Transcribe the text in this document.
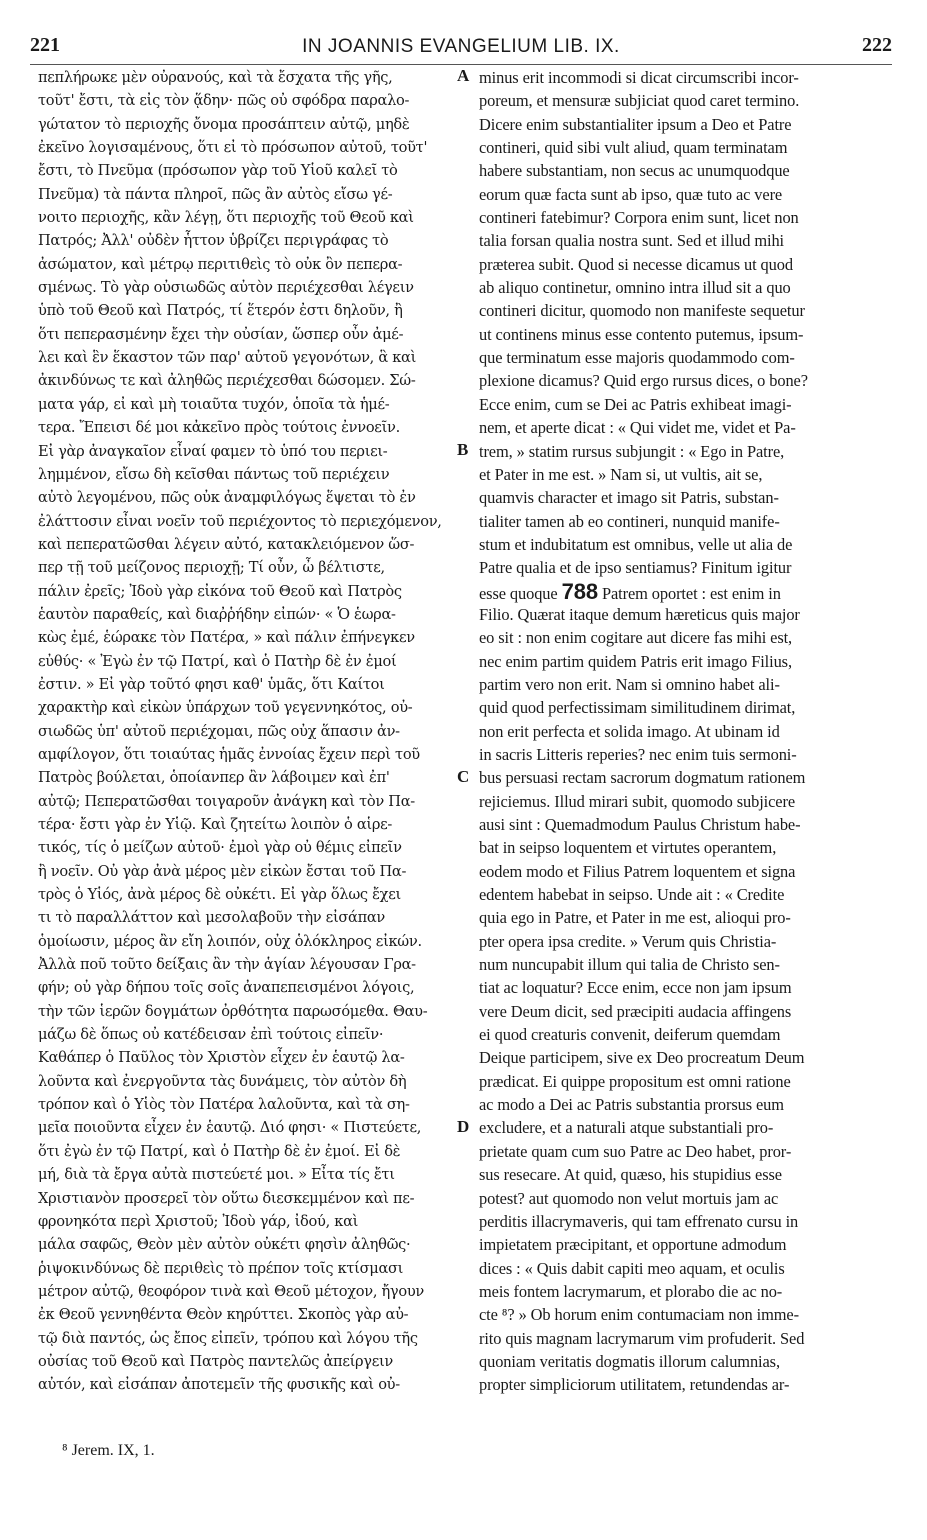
221	IN JOANNIS EVANGELIUM LIB. IX.	222
πεπλήρωκε μὲν οὐρανούς, καὶ τὰ ἔσχατα τῆς γῆς,
τοῦτ' ἔστι, τὰ εἰς τὸν ᾅδην· πῶς οὐ σφόδρα παραλο-
γώτατον τὸ περιοχῆς ὄνομα προσάπτειν αὐτῷ, μηδὲ
ἐκεῖνο λογισαμένους, ὅτι εἰ τὸ πρόσωπον αὐτοῦ, τοῦτ'
ἔστι, τὸ Πνεῦμα (πρόσωπον γὰρ τοῦ Υἱοῦ καλεῖ τὸ
Πνεῦμα) τὰ πάντα πληροῖ, πῶς ἂν αὐτὸς εἴσω γέ-
νοιτο περιοχῆς, κἂν λέγῃ, ὅτι περιοχῆς τοῦ Θεοῦ καὶ
Πατρός; Ἀλλ' οὐδὲν ἧττον ὑβρίζει περιγράφας τὸ
ἀσώματον, καὶ μέτρῳ περιτιθεὶς τὸ οὐκ ὂν πεπερα-
σμένως. Τὸ γὰρ οὐσιωδῶς αὐτὸν περιέχεσθαι λέγειν
ὑπὸ τοῦ Θεοῦ καὶ Πατρός, τί ἕτερόν ἐστι δηλοῦν, ἢ
ὅτι πεπερασμένην ἔχει τὴν οὐσίαν, ὥσπερ οὖν ἀμέ-
λει καὶ ἓν ἕκαστον τῶν παρ' αὐτοῦ γεγονότων, ἃ καὶ
ἀκινδύνως τε καὶ ἀληθῶς περιέχεσθαι δώσομεν. Σώ-
ματα γάρ, εἰ καὶ μὴ τοιαῦτα τυχόν, ὁποῖα τὰ ἡμέ-
τερα. Ἔπεισι δέ μοι κἀκεῖνο πρὸς τούτοις ἐννοεῖν.
Εἰ γὰρ ἀναγκαῖον εἶναί φαμεν τὸ ὑπό του περιει-
λημμένον, εἴσω δὴ κεῖσθαι πάντως τοῦ περιέχειν
αὐτὸ λεγομένου, πῶς οὐκ ἀναμφιλόγως ἕψεται τὸ ἐν
ἐλάττοσιν εἶναι νοεῖν τοῦ περιέχοντος τὸ περιεχόμενον,
καὶ πεπερατῶσθαι λέγειν αὐτό, κατακλειόμενον ὥσ-
περ τῇ τοῦ μείζονος περιοχῇ; Τί οὖν, ὦ βέλτιστε,
πάλιν ἐρεῖς; Ἰδοὺ γὰρ εἰκόνα τοῦ Θεοῦ καὶ Πατρὸς
ἑαυτὸν παραθείς, καὶ διαῤῥήδην εἰπών· « Ὁ ἑωρα-
κὼς ἐμέ, ἑώρακε τὸν Πατέρα, » καὶ πάλιν ἐπήνεγκεν
εὐθύς· « Ἐγὼ ἐν τῷ Πατρί, καὶ ὁ Πατὴρ δὲ ἐν ἐμοί
ἐστιν. » Εἰ γὰρ τοῦτό φησι καθ' ὑμᾶς, ὅτι Καίτοι
χαρακτὴρ καὶ εἰκὼν ὑπάρχων τοῦ γεγεννηκότος, οὐ-
σιωδῶς ὑπ' αὐτοῦ περιέχομαι, πῶς οὐχ ἅπασιν ἀν-
αμφίλογον, ὅτι τοιαύτας ἡμᾶς ἐννοίας ἔχειν περὶ τοῦ
Πατρὸς βούλεται, ὁποίανπερ ἂν λάβοιμεν καὶ ἐπ'
αὐτῷ; Πεπερατῶσθαι τοιγαροῦν ἀνάγκη καὶ τὸν Πα-
τέρα· ἔστι γὰρ ἐν Υἱῷ. Καὶ ζητείτω λοιπὸν ὁ αἱρε-
τικός, τίς ὁ μείζων αὐτοῦ· ἐμοὶ γὰρ οὐ θέμις εἰπεῖν
ἢ νοεῖν. Οὐ γὰρ ἀνὰ μέρος μὲν εἰκὼν ἔσται τοῦ Πα-
τρὸς ὁ Υἱός, ἀνὰ μέρος δὲ οὐκέτι. Εἰ γὰρ ὅλως ἔχει
τι τὸ παραλλάττον καὶ μεσολαβοῦν τὴν εἰσάπαν
ὁμοίωσιν, μέρος ἂν εἴη λοιπόν, οὐχ ὁλόκληρος εἰκών.
Ἀλλὰ ποῦ τοῦτο δείξαις ἂν τὴν ἁγίαν λέγουσαν Γρα-
φήν; οὐ γὰρ δήπου τοῖς σοῖς ἀναπεπεισμένοι λόγοις,
τὴν τῶν ἱερῶν δογμάτων ὀρθότητα παρωσόμεθα. Θαυ-
μάζω δὲ ὅπως οὐ κατέδεισαν ἐπὶ τούτοις εἰπεῖν·
Καθάπερ ὁ Παῦλος τὸν Χριστὸν εἶχεν ἐν ἑαυτῷ λα-
λοῦντα καὶ ἐνεργοῦντα τὰς δυνάμεις, τὸν αὐτὸν δὴ
τρόπον καὶ ὁ Υἱὸς τὸν Πατέρα λαλοῦντα, καὶ τὰ ση-
μεῖα ποιοῦντα εἶχεν ἐν ἑαυτῷ. Διό φησι· « Πιστεύετε,
ὅτι ἐγὼ ἐν τῷ Πατρί, καὶ ὁ Πατὴρ δὲ ἐν ἐμοί. Εἰ δὲ
μή, διὰ τὰ ἔργα αὐτὰ πιστεύετέ μοι. » Εἶτα τίς ἔτι
Χριστιανὸν προσερεῖ τὸν οὕτω διεσκεμμένον καὶ πε-
φρονηκότα περὶ Χριστοῦ; Ἰδοὺ γάρ, ἰδού, καὶ
μάλα σαφῶς, Θεὸν μὲν αὐτὸν οὐκέτι φησὶν ἀληθῶς·
ῥιψοκινδύνως δὲ περιθεὶς τὸ πρέπον τοῖς κτίσμασι
μέτρον αὐτῷ, θεοφόρον τινὰ καὶ Θεοῦ μέτοχον, ἤγουν
ἐκ Θεοῦ γεννηθέντα Θεὸν κηρύττει. Σκοπὸς γὰρ αὐ-
τῷ διὰ παντός, ὡς ἔπος εἰπεῖν, τρόπου καὶ λόγου τῆς
οὐσίας τοῦ Θεοῦ καὶ Πατρὸς παντελῶς ἀπείργειν
αὐτόν, καὶ εἰσάπαν ἀποτεμεῖν τῆς φυσικῆς καὶ οὐ-
minus erit incommodi si dicat circumscribi incor-
poreum, et mensuræ subjiciat quod caret termino.
Dicere enim substantialiter ipsum a Deo et Patre
contineri, quid sibi vult aliud, quam terminatam
habere substantiam, non secus ac unumquodque
eorum quæ facta sunt ab ipso, quæ tuto ac vere
contineri fatebimur? Corpora enim sunt, licet non
talia forsan qualia nostra sunt. Sed et illud mihi
præterea subit. Quod si necesse dicamus ut quod
ab aliquo continetur, omnino intra illud sit a quo
contineri dicitur, quomodo non manifeste sequetur
ut continens minus esse contento putemus, ipsum-
que terminatum esse majoris quodammodo com-
plexione dicamus? Quid ergo rursus dices, o bone?
Ecce enim, cum se Dei ac Patris exhibeat imagi-
nem, et aperte dicat : « Qui videt me, videt et Pa-
trem, » statim rursus subjungit : « Ego in Patre,
et Pater in me est. » Nam si, ut vultis, ait se,
quamvis character et imago sit Patris, substan-
tialiter tamen ab eo contineri, nunquid manife-
stum et indubitatum est omnibus, velle ut alia de
Patre qualia et de ipso sentiamus? Finitum igitur
esse quoque 788 Patrem oportet : est enim in
Filio. Quærat itaque demum hæreticus quis major
eo sit : non enim cogitare aut dicere fas mihi est,
nec enim partim quidem Patris erit imago Filius,
partim vero non erit. Nam si omnino habet ali-
quid quod perfectissimam similitudinem dirimat,
non erit perfecta et solida imago. At ubinam id
in sacris Litteris reperies? nec enim tuis sermoni-
bus persuasi rectam sacrorum dogmatum rationem
rejiciemus. Illud mirari subit, quomodo subjicere
ausi sint : Quemadmodum Paulus Christum habe-
bat in seipso loquentem et virtutes operantem,
eodem modo et Filius Patrem loquentem et signa
edentem habebat in seipso. Unde ait : « Credite
quia ego in Patre, et Pater in me est, alioqui pro-
pter opera ipsa credite. » Verum quis Christia-
num nuncupabit illum qui talia de Christo sen-
tiat ac loquatur? Ecce enim, ecce non jam ipsum
vere Deum dicit, sed præcipiti audacia affingens
ei quod creaturis convenit, deiferum quemdam
Deique participem, sive ex Deo procreatum Deum
prædicat. Ei quippe propositum est omni ratione
ac modo a Dei ac Patris substantia prorsus eum
excludere, et a naturali atque substantiali pro-
prietate quam cum suo Patre ac Deo habet, pror-
sus resecare. At quid, quæso, his stupidius esse
potest? aut quomodo non velut mortuis jam ac
perditis illacrymaveris, qui tam effrenato cursu in
impietatem præcipitant, et opportune admodum
dices : « Quis dabit capiti meo aquam, et oculis
meis fontem lacrymarum, et plorabo die ac no-
cte ⁸? » Ob horum enim contumaciam non imme-
rito quis magnam lacrymarum vim profuderit. Sed
quoniam veritatis dogmatis illorum calumnias,
propter simpliciorum utilitatem, retundendas ar-
A
B
C
D
⁸ Jerem. IX, 1.
